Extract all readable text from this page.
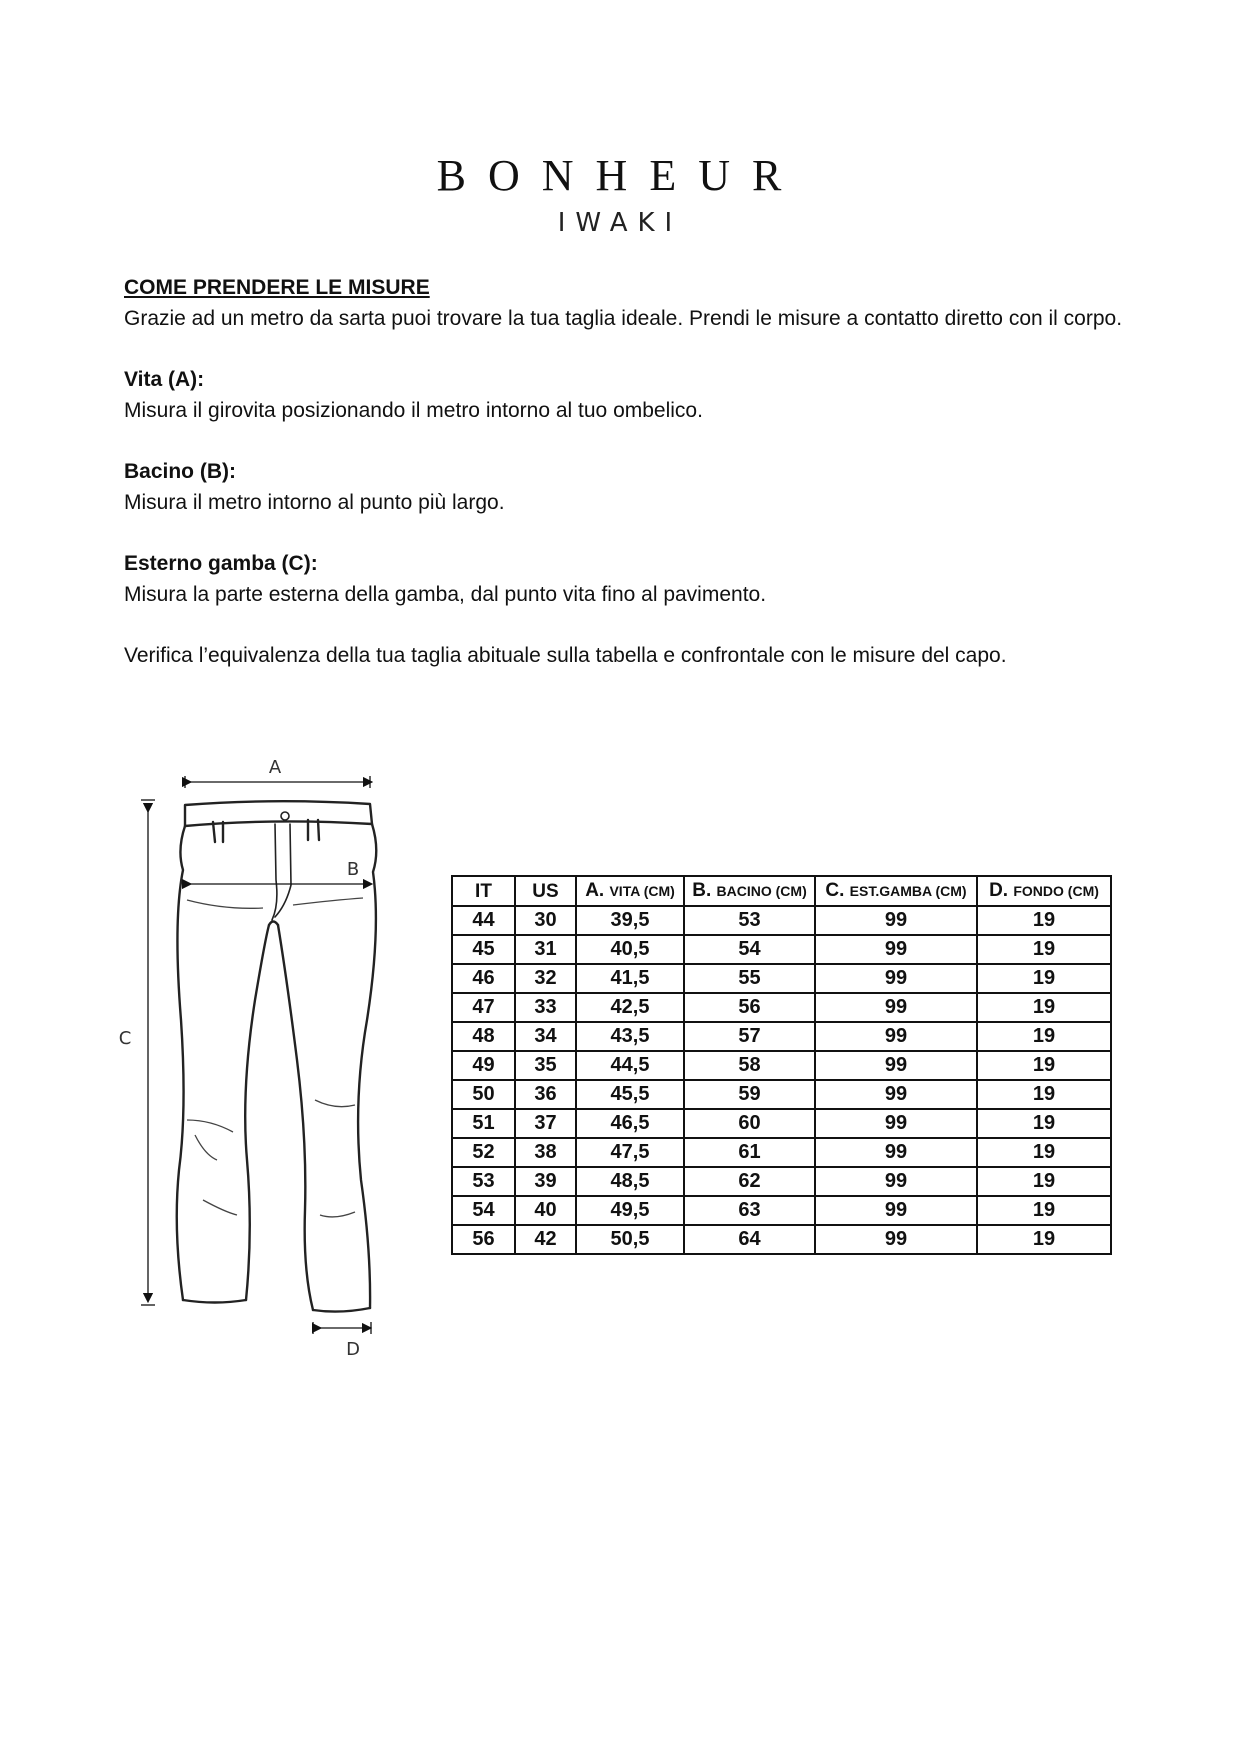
BONHEUR
IWAKI

COME PRENDERE LE MISURE

Grazie ad un metro da sarta puoi trovare la tua taglia ideale. Prendi le misure a contatto diretto con il corpo.

Vita (A):

Misura il girovita posizionando il metro intorno al tuo ombelico.

Bacino (B):

Misura il metro intorno al punto più largo.

Esterno gamba (C):

Misura la parte esterna della gamba, dal punto vita fino al pavimento.

Verifica l’equivalenza della tua taglia abituale sulla tabella e confrontale con le misure del capo.

A
B
C
D
IT	US	A. VITA (CM)	B. BACINO (CM)	C. EST.GAMBA (CM)	D. FONDO (CM)
44	30	39,5	53	99	19
45	31	40,5	54	99	19
46	32	41,5	55	99	19
47	33	42,5	56	99	19
48	34	43,5	57	99	19
49	35	44,5	58	99	19
50	36	45,5	59	99	19
51	37	46,5	60	99	19
52	38	47,5	61	99	19
53	39	48,5	62	99	19
54	40	49,5	63	99	19
56	42	50,5	64	99	19
